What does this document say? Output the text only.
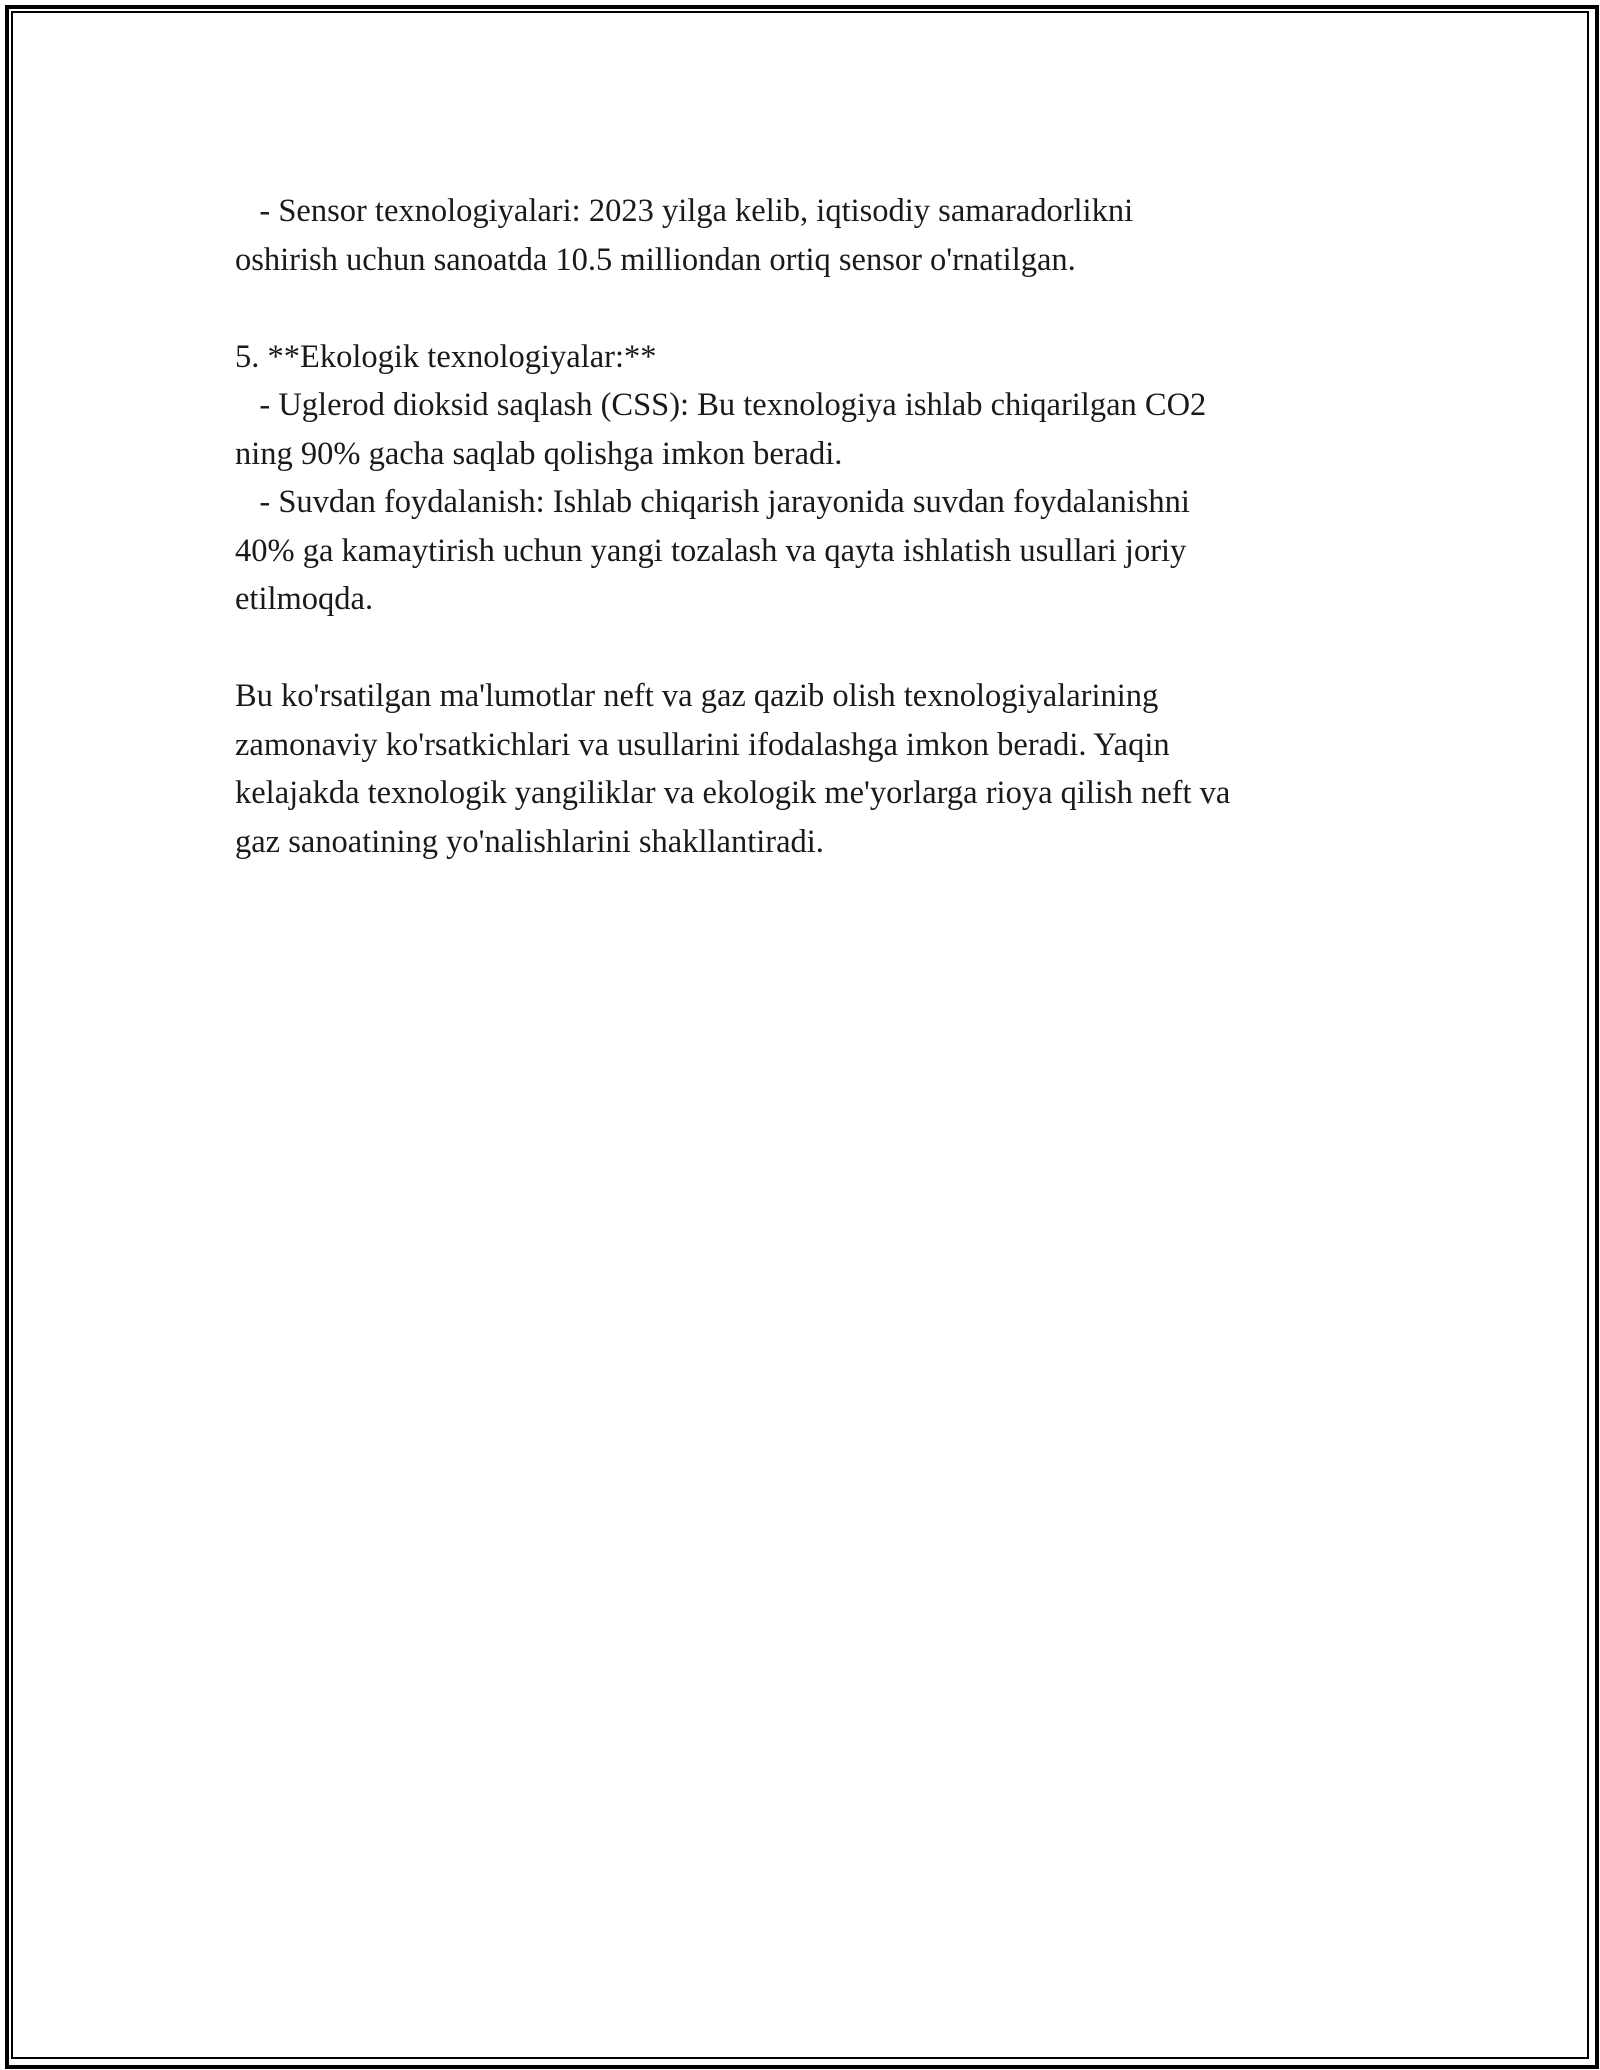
- Sensor texnologiyalari: 2023 yilga kelib, iqtisodiy samaradorlikni

oshirish uchun sanoatda 10.5 milliondan ortiq sensor o'rnatilgan.

5. **Ekologik texnologiyalar:**

- Uglerod dioksid saqlash (CSS): Bu texnologiya ishlab chiqarilgan CO2

ning 90% gacha saqlab qolishga imkon beradi.

- Suvdan foydalanish: Ishlab chiqarish jarayonida suvdan foydalanishni

40% ga kamaytirish uchun yangi tozalash va qayta ishlatish usullari joriy

etilmoqda.

Bu ko'rsatilgan ma'lumotlar neft va gaz qazib olish texnologiyalarining

zamonaviy ko'rsatkichlari va usullarini ifodalashga imkon beradi. Yaqin

kelajakda texnologik yangiliklar va ekologik me'yorlarga rioya qilish neft va

gaz sanoatining yo'nalishlarini shakllantiradi.
